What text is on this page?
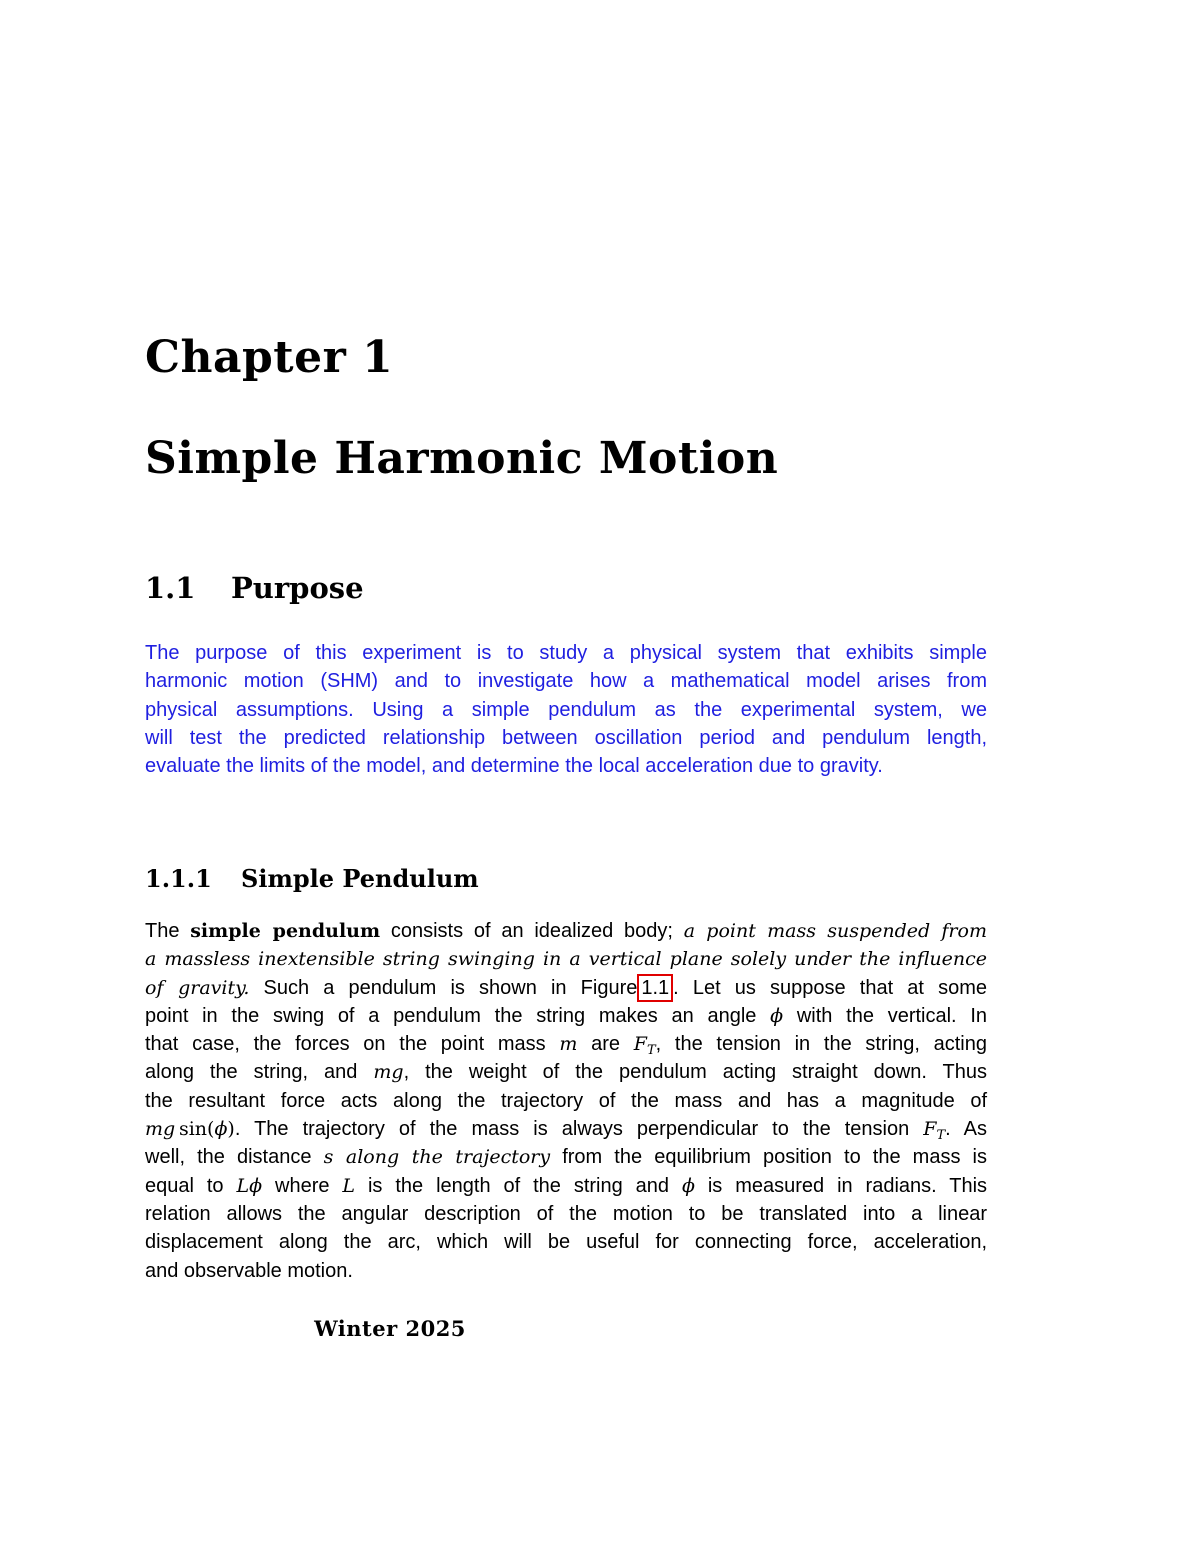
Chapter 1
Simple Harmonic Motion
1.1 Purpose
The purpose of this experiment is to study a physical system that exhibits simple
harmonic motion (SHM) and to investigate how a mathematical model arises from
physical assumptions. Using a simple pendulum as the experimental system, we
will test the predicted relationship between oscillation period and pendulum length,
evaluate the limits of the model, and determine the local acceleration due to gravity.
1.1.1 Simple Pendulum
The simple pendulum consists of an idealized body; a point mass suspended from
a massless inextensible string swinging in a vertical plane solely under the influence
of gravity. Such a pendulum is shown in Figure 1.1 . Let us suppose that at some
point in the swing of a pendulum the string makes an angle ϕ with the vertical. In
that case, the forces on the point mass m are $F_T$, the tension in the string, acting
along the string, and mg, the weight of the pendulum acting straight down. Thus
the resultant force acts along the trajectory of the mass and has a magnitude of
mg  sin(ϕ). The trajectory of the mass is always perpendicular to the tension $F_T$. As
well, the distance s along the trajectory from the equilibrium position to the mass is
equal to Lϕ where L is the length of the string and ϕ is measured in radians. This
relation allows the angular description of the motion to be translated into a linear
displacement along the arc, which will be useful for connecting force, acceleration,
and observable motion.
Winter 2025
